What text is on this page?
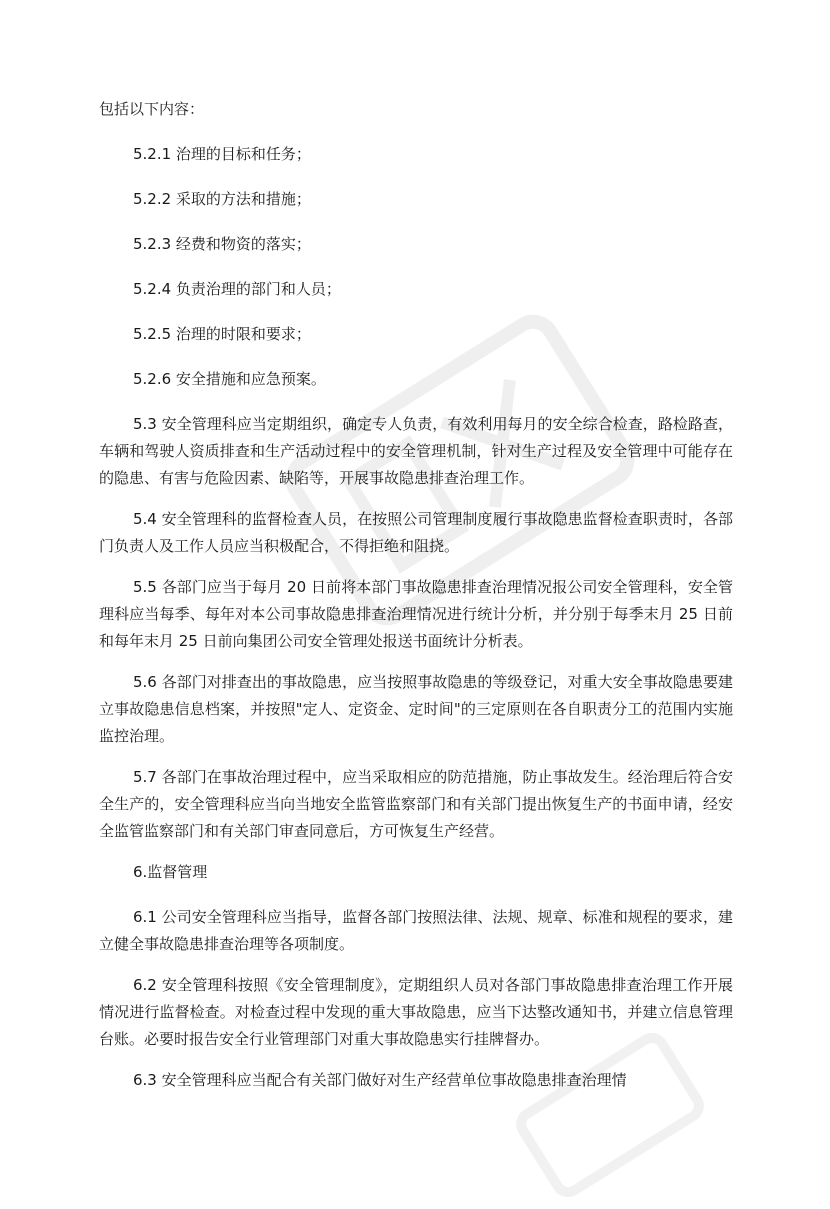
包括以下内容：

5.2.1 治理的目标和任务；

5.2.2 采取的方法和措施；

5.2.3 经费和物资的落实；

5.2.4 负责治理的部门和人员；

5.2.5 治理的时限和要求；

5.2.6 安全措施和应急预案。

5.3 安全管理科应当定期组织，确定专人负责，有效利用每月的安全综合检查，路检路查，车辆和驾驶人资质排查和生产活动过程中的安全管理机制，针对生产过程及安全管理中可能存在的隐患、有害与危险因素、缺陷等，开展事故隐患排查治理工作。

5.4 安全管理科的监督检查人员，在按照公司管理制度履行事故隐患监督检查职责时，各部门负责人及工作人员应当积极配合，不得拒绝和阻挠。

5.5 各部门应当于每月 20 日前将本部门事故隐患排查治理情况报公司安全管理科，安全管理科应当每季、每年对本公司事故隐患排查治理情况进行统计分析，并分别于每季末月 25 日前和每年末月 25 日前向集团公司安全管理处报送书面统计分析表。

5.6 各部门对排查出的事故隐患，应当按照事故隐患的等级登记，对重大安全事故隐患要建立事故隐患信息档案，并按照"定人、定资金、定时间"的三定原则在各自职责分工的范围内实施监控治理。

5.7 各部门在事故治理过程中，应当采取相应的防范措施，防止事故发生。经治理后符合安全生产的，安全管理科应当向当地安全监管监察部门和有关部门提出恢复生产的书面申请，经安全监管监察部门和有关部门审查同意后，方可恢复生产经营。

6.监督管理

6.1 公司安全管理科应当指导，监督各部门按照法律、法规、规章、标准和规程的要求，建立健全事故隐患排查治理等各项制度。

6.2 安全管理科按照《安全管理制度》，定期组织人员对各部门事故隐患排查治理工作开展情况进行监督检查。对检查过程中发现的重大事故隐患，应当下达整改通知书，并建立信息管理台账。必要时报告安全行业管理部门对重大事故隐患实行挂牌督办。

6.3 安全管理科应当配合有关部门做好对生产经营单位事故隐患排查治理情
